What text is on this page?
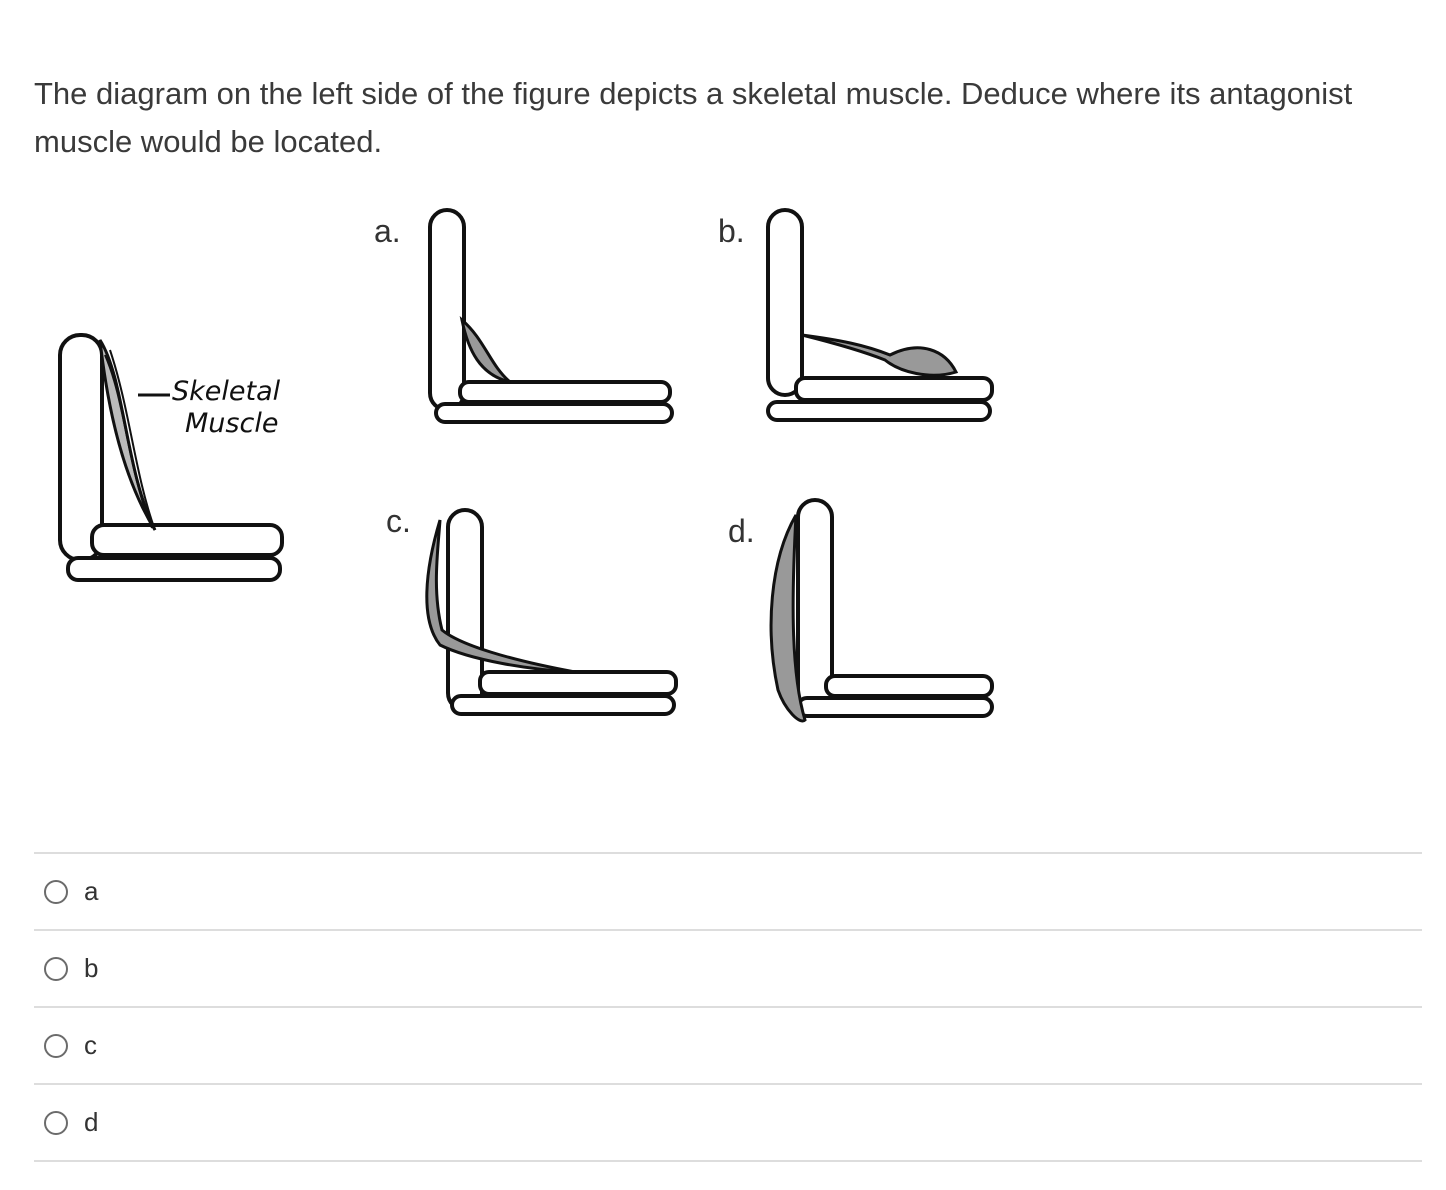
The diagram on the left side of the figure depicts a skeletal muscle. Deduce where its antagonist muscle would be located.

Skeletal
Muscle
a.	b.
c.	d.
a
b
c
d
